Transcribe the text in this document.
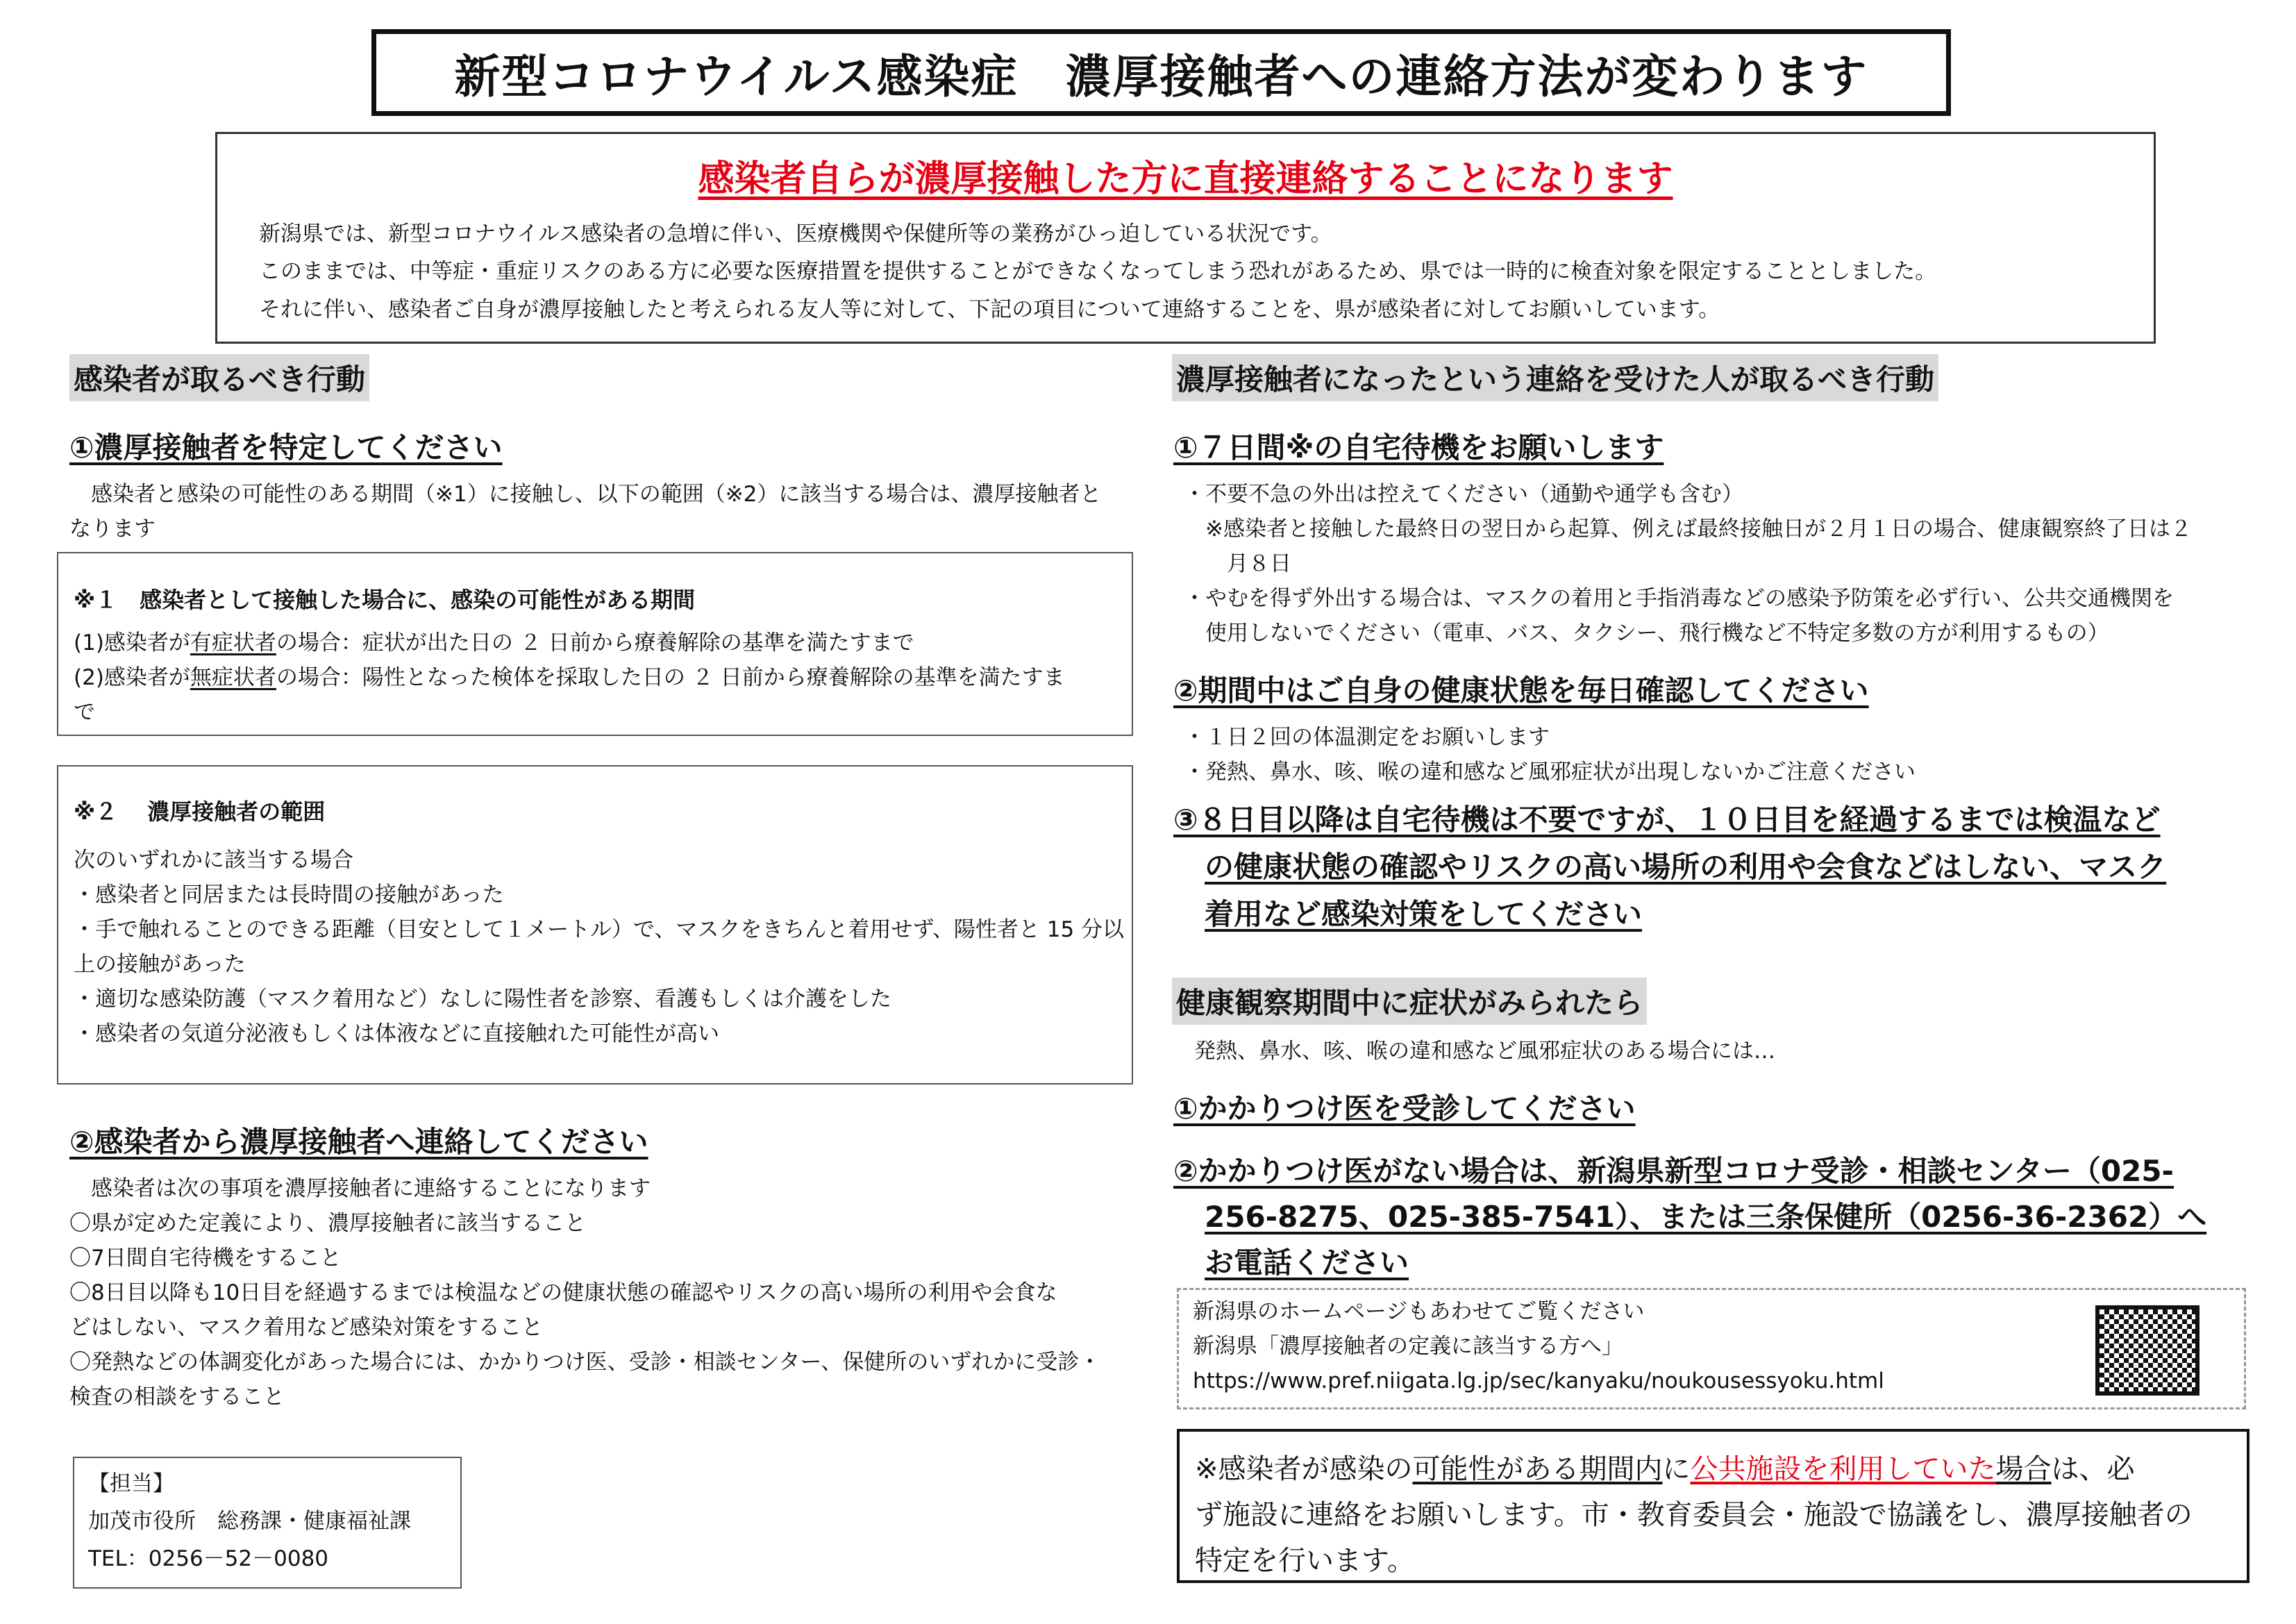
新型コロナウイルス感染症　濃厚接触者への連絡方法が変わります
感染者自らが濃厚接触した方に直接連絡することになります
新潟県では、新型コロナウイルス感染者の急増に伴い、医療機関や保健所等の業務がひっ迫している状況です。
このままでは、中等症・重症リスクのある方に必要な医療措置を提供することができなくなってしまう恐れがあるため、県では一時的に検査対象を限定することとしました。
それに伴い、感染者ご自身が濃厚接触したと考えられる友人等に対して、下記の項目について連絡することを、県が感染者に対してお願いしています。
感染者が取るべき行動
①濃厚接触者を特定してください
　感染者と感染の可能性のある期間（※1）に接触し、以下の範囲（※2）に該当する場合は、濃厚接触者と
なります
※１　感染者として接触した場合に、感染の可能性がある期間
(1)感染者が有症状者の場合：症状が出た日の ２ 日前から療養解除の基準を満たすまで
(2)感染者が無症状者の場合：陽性となった検体を採取した日の ２ 日前から療養解除の基準を満たすま
で
※２　 濃厚接触者の範囲
次のいずれかに該当する場合
・感染者と同居または長時間の接触があった
・手で触れることのできる距離（目安として１メートル）で、マスクをきちんと着用せず、陽性者と 15 分以
上の接触があった
・適切な感染防護（マスク着用など）なしに陽性者を診察、看護もしくは介護をした
・感染者の気道分泌液もしくは体液などに直接触れた可能性が高い
②感染者から濃厚接触者へ連絡してください
　感染者は次の事項を濃厚接触者に連絡することになります
〇県が定めた定義により、濃厚接触者に該当すること
〇7日間自宅待機をすること
〇8日目以降も10日目を経過するまでは検温などの健康状態の確認やリスクの高い場所の利用や会食な
どはしない、マスク着用など感染対策をすること
〇発熱などの体調変化があった場合には、かかりつけ医、受診・相談センター、保健所のいずれかに受診・
検査の相談をすること
【担当】
加茂市役所　総務課・健康福祉課
TEL：0256－52－0080
濃厚接触者になったという連絡を受けた人が取るべき行動
①７日間※の自宅待機をお願いします
・不要不急の外出は控えてください（通勤や通学も含む）
　※感染者と接触した最終日の翌日から起算、例えば最終接触日が２月１日の場合、健康観察終了日は２
　　月８日
・やむを得ず外出する場合は、マスクの着用と手指消毒などの感染予防策を必ず行い、公共交通機関を
　使用しないでください（電車、バス、タクシー、飛行機など不特定多数の方が利用するもの）
②期間中はご自身の健康状態を毎日確認してください
・１日２回の体温測定をお願いします
・発熱、鼻水、咳、喉の違和感など風邪症状が出現しないかご注意ください
③８日目以降は自宅待機は不要ですが、１０日目を経過するまでは検温など
の健康状態の確認やリスクの高い場所の利用や会食などはしない、マスク
着用など感染対策をしてください
健康観察期間中に症状がみられたら
発熱、鼻水、咳、喉の違和感など風邪症状のある場合には…
①かかりつけ医を受診してください
②かかりつけ医がない場合は、新潟県新型コロナ受診・相談センター（025-
256-8275、025-385-7541）、または三条保健所（0256-36-2362）へ
お電話ください
新潟県のホームページもあわせてご覧ください
新潟県「濃厚接触者の定義に該当する方へ」
https://www.pref.niigata.lg.jp/sec/kanyaku/noukousessyoku.html
※感染者が感染の可能性がある期間内に公共施設を利用していた場合は、必
ず施設に連絡をお願いします。市・教育委員会・施設で協議をし、濃厚接触者の
特定を行います。
